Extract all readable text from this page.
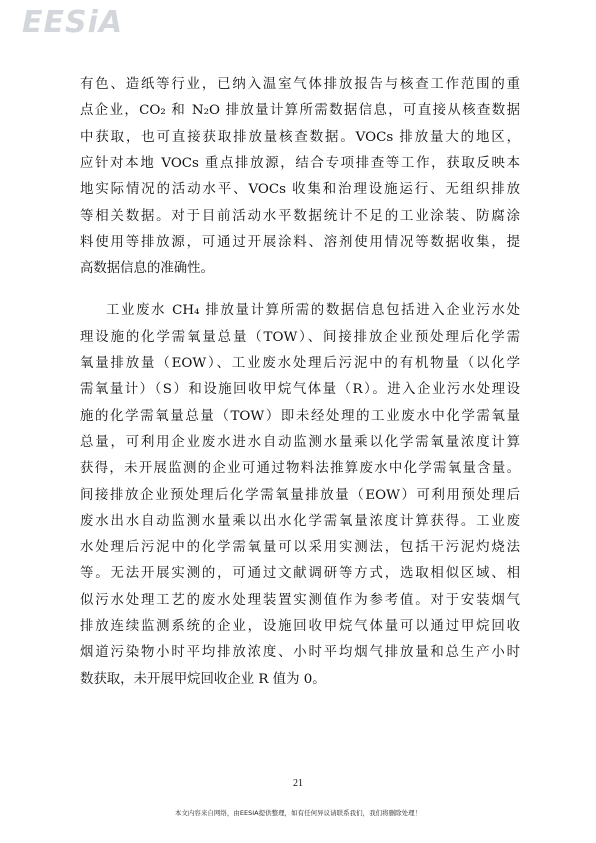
EESiA
有色、造纸等行业，已纳入温室气体排放报告与核查工作范围的重
点企业，CO₂ 和 N₂O 排放量计算所需数据信息，可直接从核查数据
中获取，也可直接获取排放量核查数据。VOCs 排放量大的地区，
应针对本地 VOCs 重点排放源，结合专项排查等工作，获取反映本
地实际情况的活动水平、VOCs 收集和治理设施运行、无组织排放
等相关数据。对于目前活动水平数据统计不足的工业涂装、防腐涂
料使用等排放源，可通过开展涂料、溶剂使用情况等数据收集，提
高数据信息的准确性。
工业废水 CH₄ 排放量计算所需的数据信息包括进入企业污水处
理设施的化学需氧量总量（TOW）、间接排放企业预处理后化学需
氧量排放量（EOW）、工业废水处理后污泥中的有机物量（以化学
需氧量计）（S）和设施回收甲烷气体量（R）。进入企业污水处理设
施的化学需氧量总量（TOW）即未经处理的工业废水中化学需氧量
总量，可利用企业废水进水自动监测水量乘以化学需氧量浓度计算
获得，未开展监测的企业可通过物料法推算废水中化学需氧量含量。
间接排放企业预处理后化学需氧量排放量（EOW）可利用预处理后
废水出水自动监测水量乘以出水化学需氧量浓度计算获得。工业废
水处理后污泥中的化学需氧量可以采用实测法，包括干污泥灼烧法
等。无法开展实测的，可通过文献调研等方式，选取相似区域、相
似污水处理工艺的废水处理装置实测值作为参考值。对于安装烟气
排放连续监测系统的企业，设施回收甲烷气体量可以通过甲烷回收
烟道污染物小时平均排放浓度、小时平均烟气排放量和总生产小时
数获取，未开展甲烷回收企业 R 值为 0。
21
本文内容来自网络，由EESIA提供整理，如有任何异议请联系我们，我们将删除处理！
